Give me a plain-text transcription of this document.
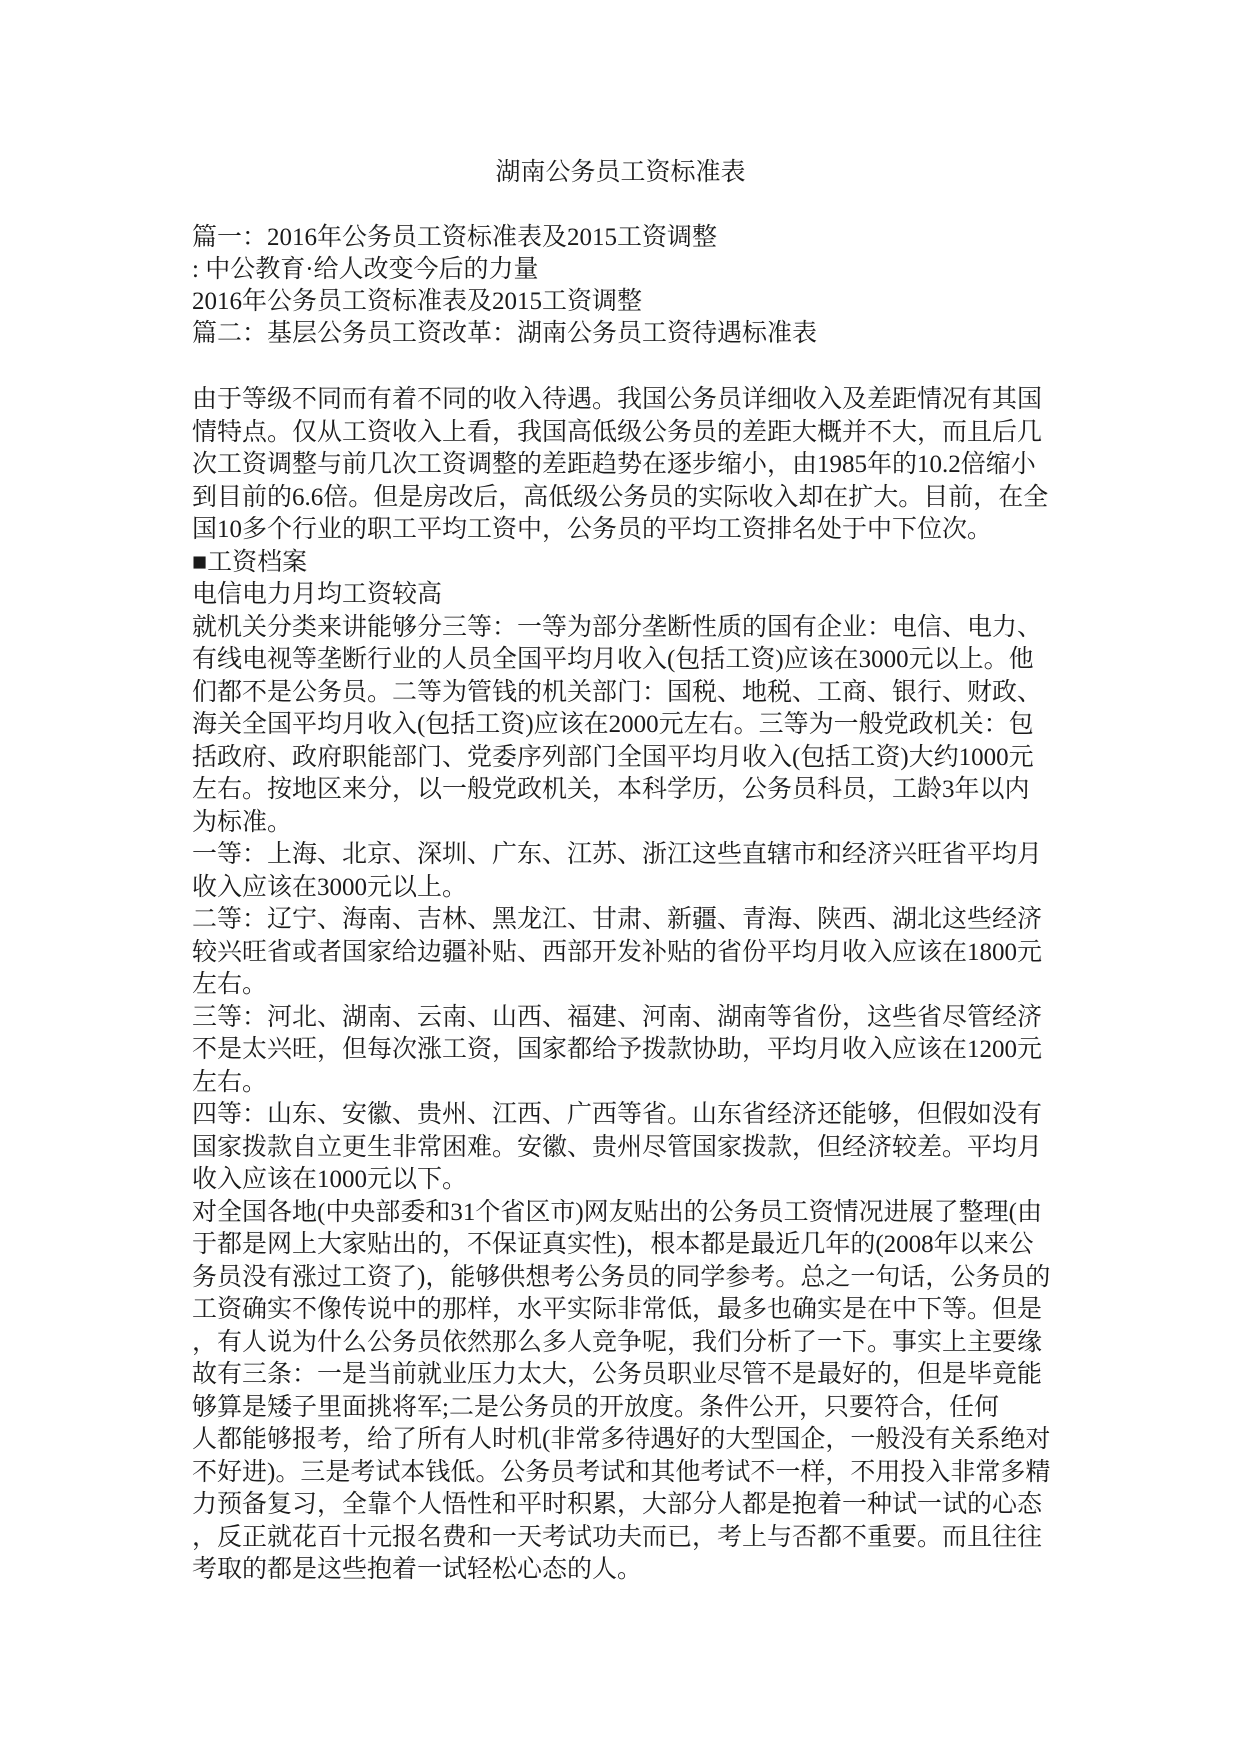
湖南公务员工资标准表
篇一：2016年公务员工资标准表及2015工资调整
: 中公教育·给人改变今后的力量
2016年公务员工资标准表及2015工资调整
篇二：基层公务员工资改革：湖南公务员工资待遇标准表
由于等级不同而有着不同的收入待遇。我国公务员详细收入及差距情况有其国
情特点。仅从工资收入上看，我国高低级公务员的差距大概并不大，而且后几
次工资调整与前几次工资调整的差距趋势在逐步缩小，由1985年的10.2倍缩小
到目前的6.6倍。但是房改后，高低级公务员的实际收入却在扩大。目前，在全
国10多个行业的职工平均工资中，公务员的平均工资排名处于中下位次。
■工资档案
电信电力月均工资较高
就机关分类来讲能够分三等：一等为部分垄断性质的国有企业：电信、电力、
有线电视等垄断行业的人员全国平均月收入(包括工资)应该在3000元以上。他
们都不是公务员。二等为管钱的机关部门：国税、地税、工商、银行、财政、
海关全国平均月收入(包括工资)应该在2000元左右。三等为一般党政机关：包
括政府、政府职能部门、党委序列部门全国平均月收入(包括工资)大约1000元
左右。按地区来分，以一般党政机关，本科学历，公务员科员，工龄3年以内
为标准。
一等：上海、北京、深圳、广东、江苏、浙江这些直辖市和经济兴旺省平均月
收入应该在3000元以上。
二等：辽宁、海南、吉林、黑龙江、甘肃、新疆、青海、陕西、湖北这些经济
较兴旺省或者国家给边疆补贴、西部开发补贴的省份平均月收入应该在1800元
左右。
三等：河北、湖南、云南、山西、福建、河南、湖南等省份，这些省尽管经济
不是太兴旺，但每次涨工资，国家都给予拨款协助，平均月收入应该在1200元
左右。
四等：山东、安徽、贵州、江西、广西等省。山东省经济还能够，但假如没有
国家拨款自立更生非常困难。安徽、贵州尽管国家拨款，但经济较差。平均月
收入应该在1000元以下。
对全国各地(中央部委和31个省区市)网友贴出的公务员工资情况进展了整理(由
于都是网上大家贴出的，不保证真实性)，根本都是最近几年的(2008年以来公
务员没有涨过工资了)，能够供想考公务员的同学参考。总之一句话，公务员的
工资确实不像传说中的那样，水平实际非常低，最多也确实是在中下等。但是
，有人说为什么公务员依然那么多人竞争呢，我们分析了一下。事实上主要缘
故有三条：一是当前就业压力太大，公务员职业尽管不是最好的，但是毕竟能
够算是矮子里面挑将军;二是公务员的开放度。条件公开，只要符合，任何
人都能够报考，给了所有人时机(非常多待遇好的大型国企，一般没有关系绝对
不好进)。三是考试本钱低。公务员考试和其他考试不一样，不用投入非常多精
力预备复习，全靠个人悟性和平时积累，大部分人都是抱着一种试一试的心态
，反正就花百十元报名费和一天考试功夫而已，考上与否都不重要。而且往往
考取的都是这些抱着一试轻松心态的人。
